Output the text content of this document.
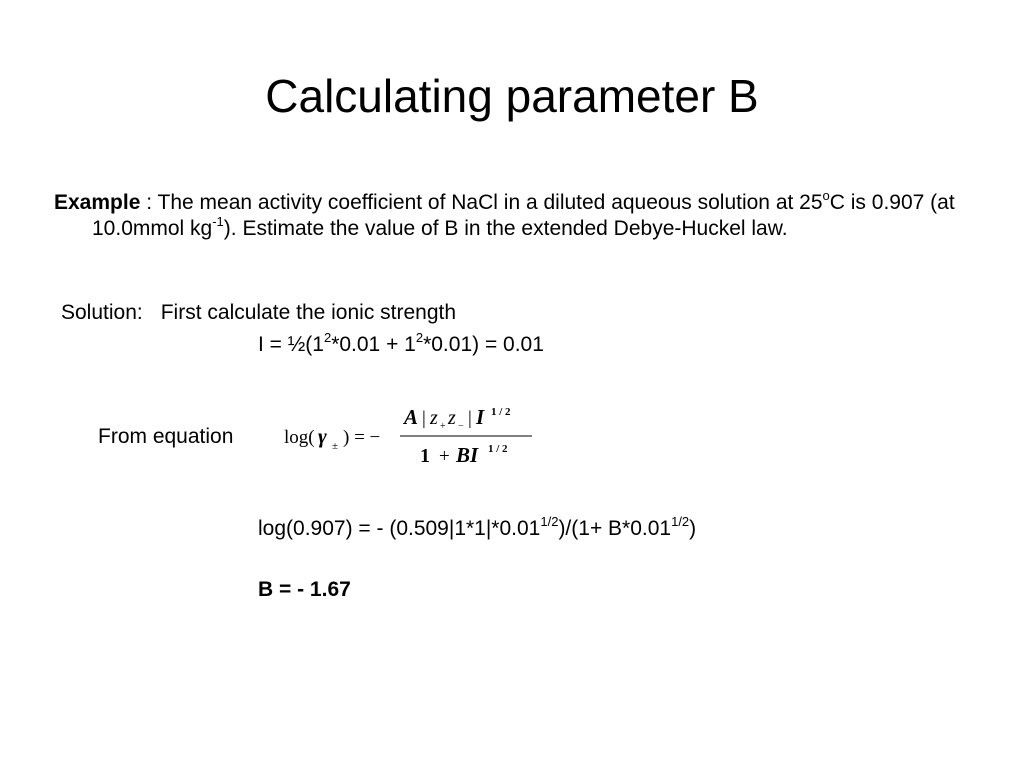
Calculating parameter B
Example : The mean activity coefficient of NaCl in a diluted aqueous solution at 25$^o$C is 0.907 (at 10.0mmol $kg^{-1}$). Estimate the value of B in the extended Debye-Huckel law.
Solution: First calculate the ionic strength
$I = \frac{1}{2}(1^2*0.01 + 1^2*0.01) = 0.01$
From equation	log( γ ± ) = −
A | z + z − | I 1 / 2
1 + BI 1 / 2
log(0.907) = - $(0.509|1*1|*0.01^{1/2})/(1+ B*0.01^{1/2})$
B = - 1.67
